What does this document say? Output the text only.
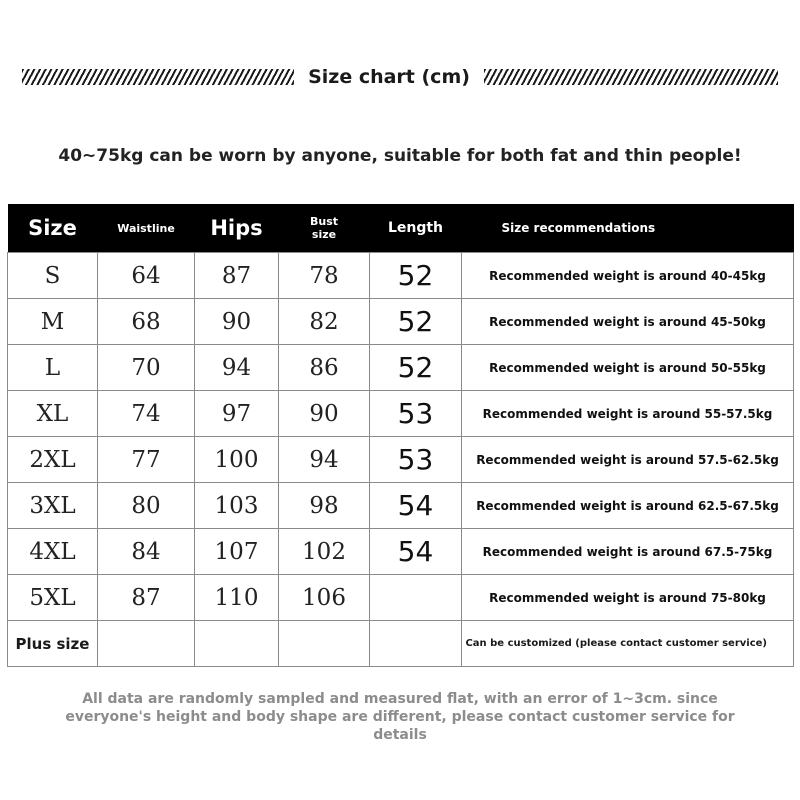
Size chart (cm)
40~75kg can be worn by anyone, suitable for both fat and thin people!
Size	Waistline	Hips	Bust size	Length	Size recommendations
S	64	87	78	52	Recommended weight is around 40-45kg
M	68	90	82	52	Recommended weight is around 45-50kg
L	70	94	86	52	Recommended weight is around 50-55kg
XL	74	97	90	53	Recommended weight is around 55-57.5kg
2XL	77	100	94	53	Recommended weight is around 57.5-62.5kg
3XL	80	103	98	54	Recommended weight is around 62.5-67.5kg
4XL	84	107	102	54	Recommended weight is around 67.5-75kg
5XL	87	110	106		Recommended weight is around 75-80kg
Plus size					Can be customized (please contact customer service)
All data are randomly sampled and measured flat, with an error of 1~3cm. since everyone's height and body shape are different, please contact customer service for details
